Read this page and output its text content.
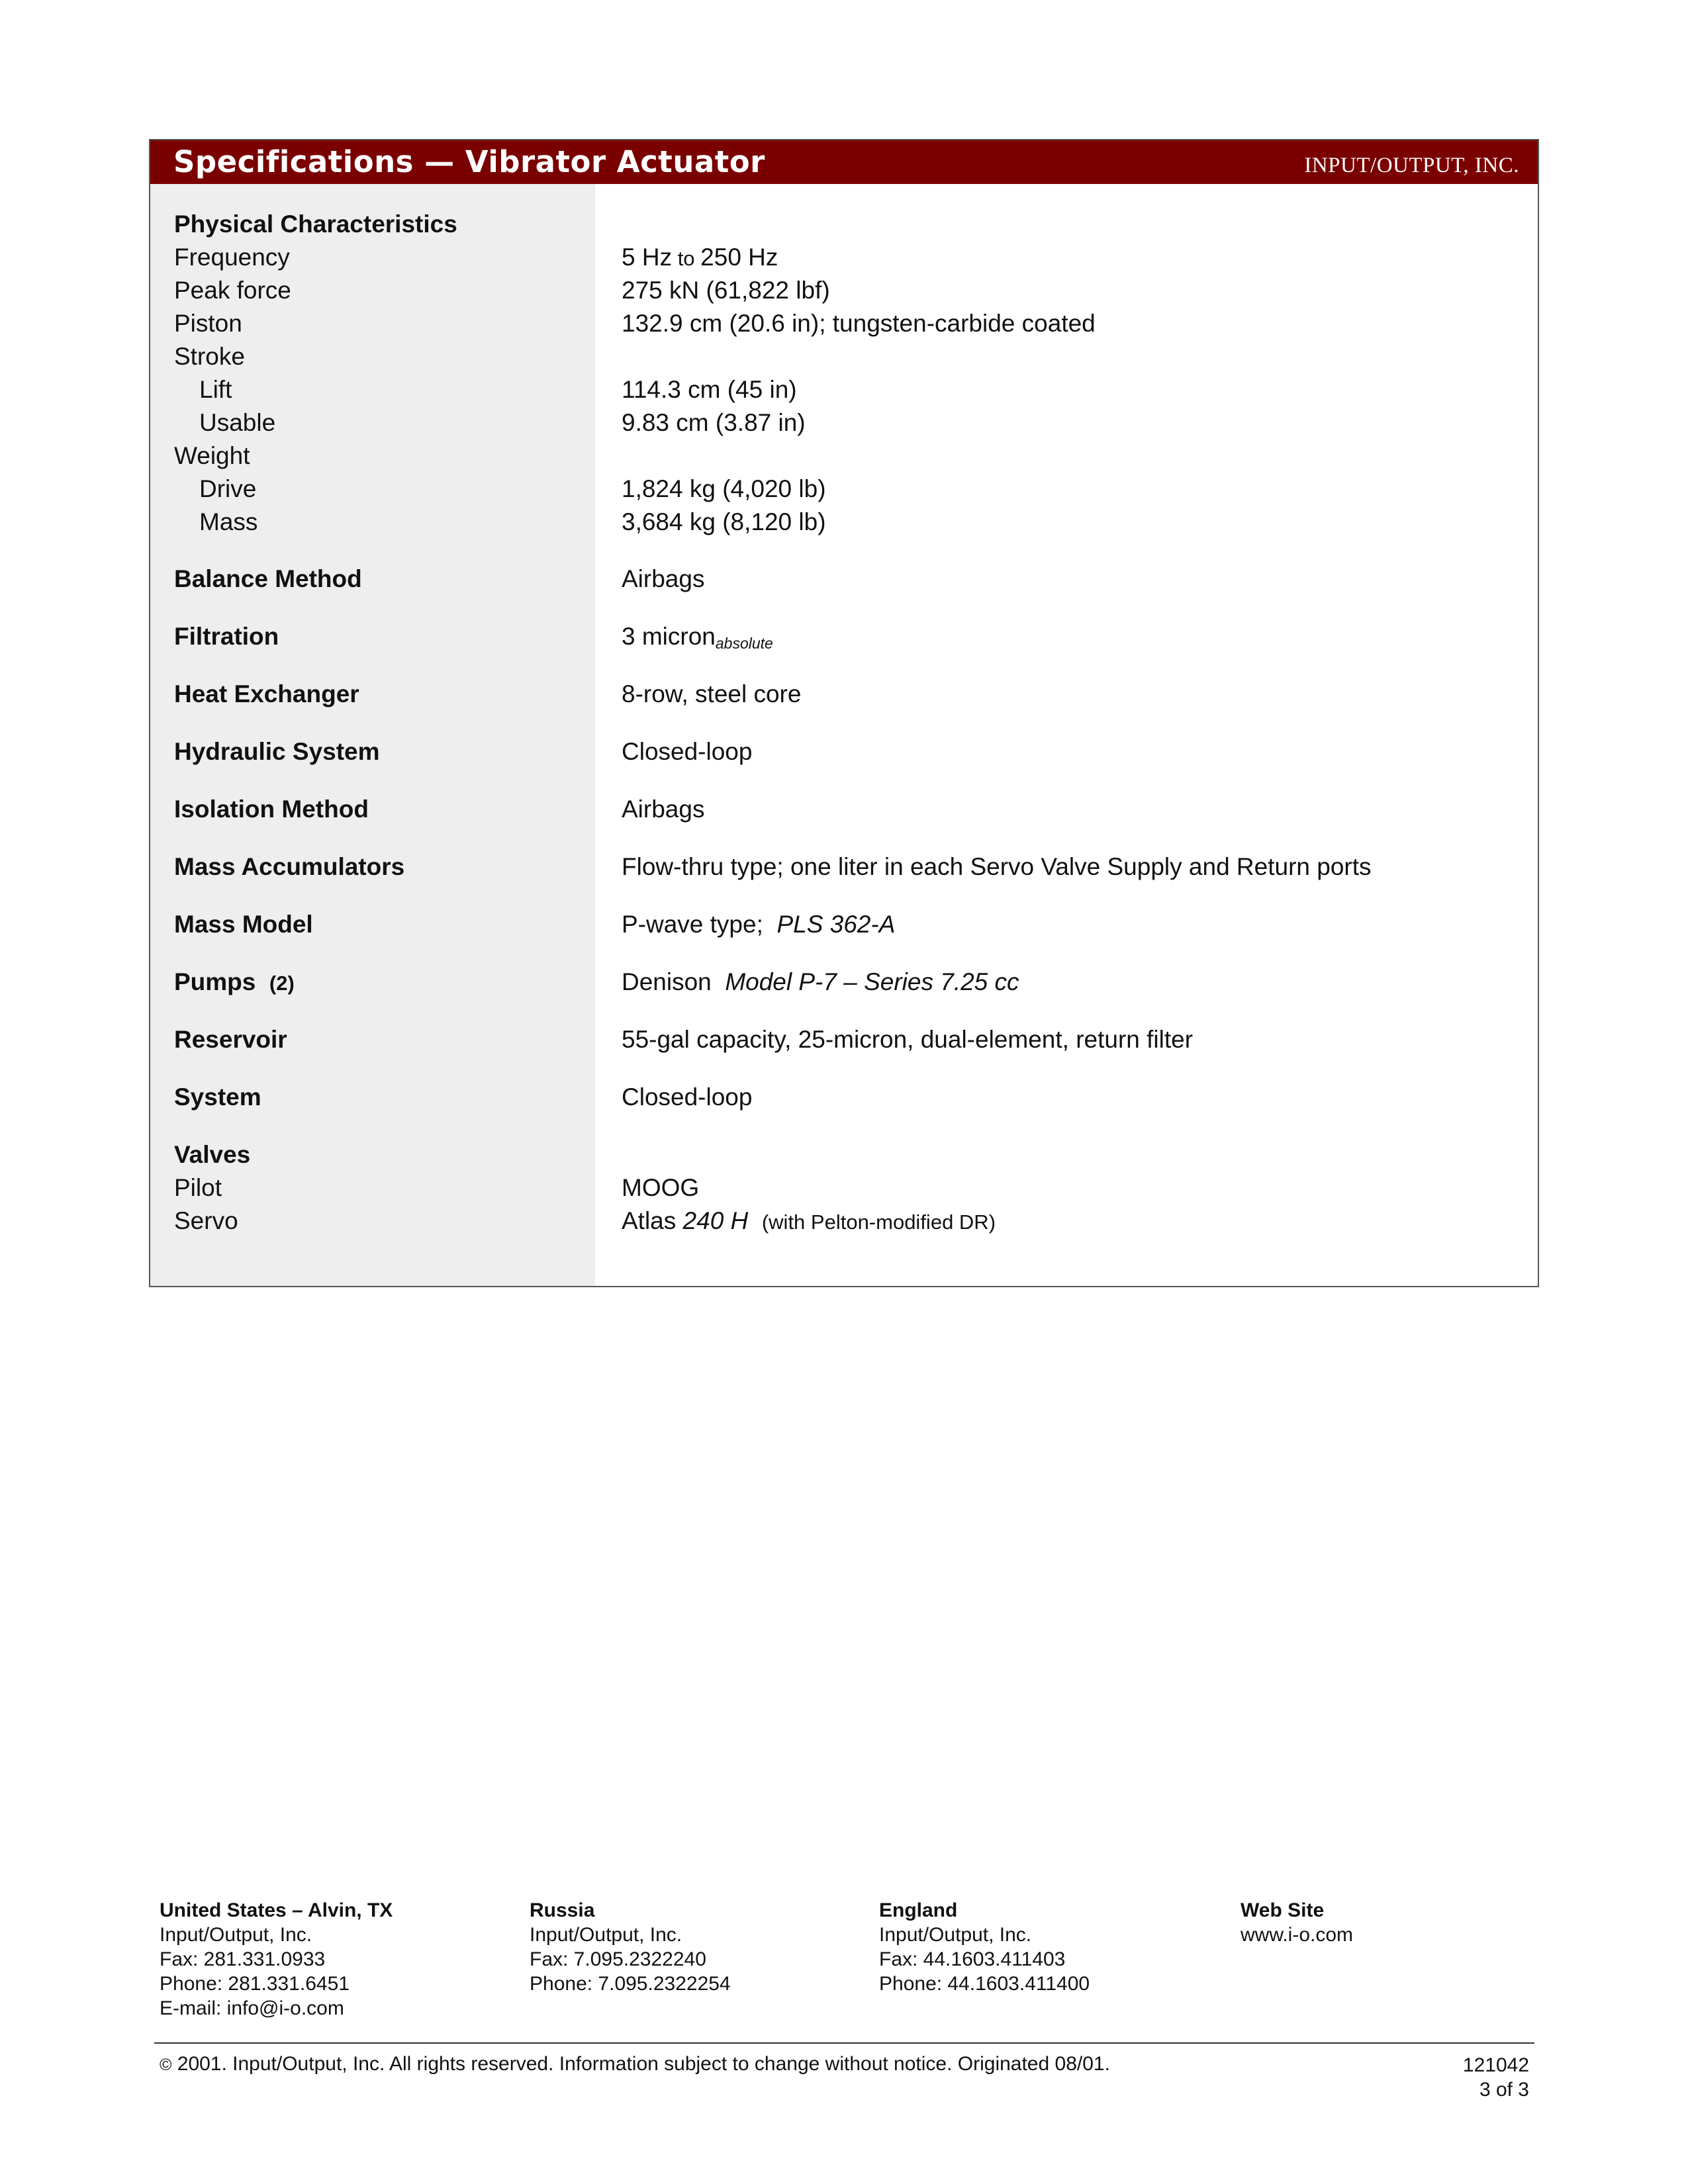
Specifications — Vibrator Actuator	INPUT/OUTPUT, INC.
Physical Characteristics
Frequency	5 Hz to 250 Hz
Peak force	275 kN (61,822 lbf)
Piston	132.9 cm (20.6 in); tungsten-carbide coated
Stroke
Lift	114.3 cm (45 in)
Usable	9.83 cm (3.87 in)
Weight
Drive	1,824 kg (4,020 lb)
Mass	3,684 kg (8,120 lb)
Balance Method	Airbags
Filtration	3 micron$_{absolute}$
Heat Exchanger	8-row, steel core
Hydraulic System	Closed-loop
Isolation Method	Airbags
Mass Accumulators	Flow-thru type; one liter in each Servo Valve Supply and Return ports
Mass Model	P-wave type;  PLS 362-A
Pumps (2)	Denison  Model P-7 – Series 7.25 cc
Reservoir	55-gal capacity, 25-micron, dual-element, return filter
System	Closed-loop
Valves
Pilot	MOOG
Servo	Atlas 240 H (with Pelton-modified DR)
United States – Alvin, TX
Input/Output, Inc.
Fax: 281.331.0933
Phone: 281.331.6451
E-mail: info@i-o.com
Russia
Input/Output, Inc.
Fax: 7.095.2322240
Phone: 7.095.2322254
England
Input/Output, Inc.
Fax: 44.1603.411403
Phone: 44.1603.411400
Web Site
www.i-o.com
© 2001. Input/Output, Inc. All rights reserved. Information subject to change without notice. Originated 08/01.	121042
3 of 3
